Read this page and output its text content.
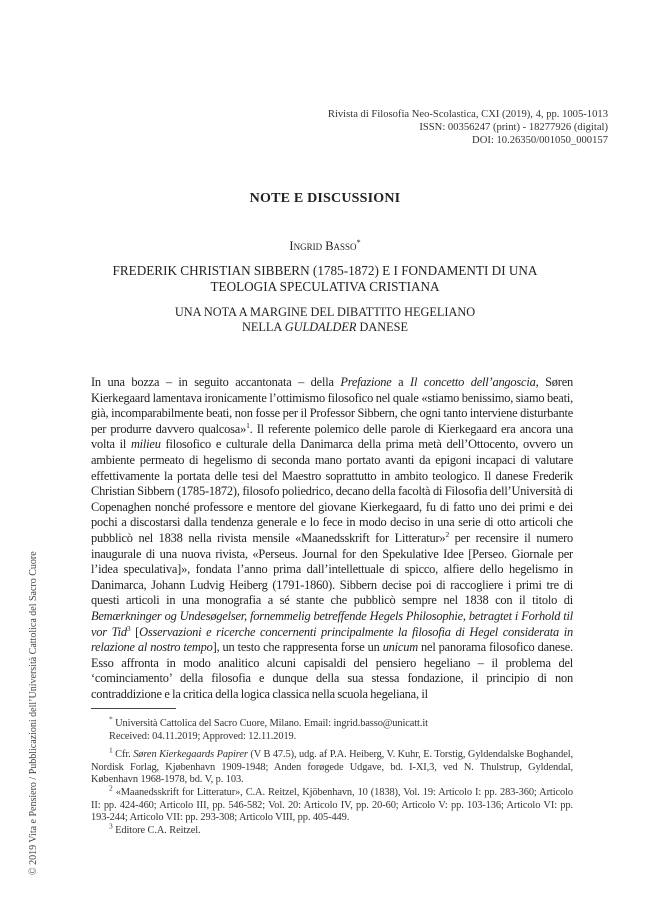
Rivista di Filosofia Neo-Scolastica, CXI (2019), 4, pp. 1005-1013
ISSN: 00356247 (print) - 18277926 (digital)
DOI: 10.26350/001050_000157
NOTE E DISCUSSIONI
Ingrid Basso*
FREDERIK CHRISTIAN SIBBERN (1785-1872) E I FONDAMENTI DI UNA TEOLOGIA SPECULATIVA CRISTIANA
UNA NOTA A MARGINE DEL DIBATTITO HEGELIANO
NELLA GULDALDER DANESE
In una bozza – in seguito accantonata – della Prefazione a Il concetto dell’angoscia, Søren Kierkegaard lamentava ironicamente l’ottimismo filosofico nel quale «stiamo benissimo, siamo beati, già, incomparabilmente beati, non fosse per il Professor Sibbern, che ogni tanto interviene disturbante per produrre davvero qualcosa»$^1$. Il referente polemico delle parole di Kierkegaard era ancora una volta il milieu filosofico e culturale della Danimarca della prima metà dell’Ottocento, ovvero un ambiente permeato di hegelismo di seconda mano portato avanti da epigoni incapaci di valutare effettivamente la portata delle tesi del Maestro soprattutto in ambito teologico. Il danese Frederik Christian Sibbern (1785-1872), filosofo poliedrico, decano della facoltà di Filosofia dell’Università di Copenaghen nonché professore e mentore del giovane Kierkegaard, fu di fatto uno dei primi e dei pochi a discostarsi dalla tendenza generale e lo fece in modo deciso in una serie di otto articoli che pubblicò nel 1838 nella rivista mensile «Maanedsskrift for Litteratur»$^2$ per recensire il numero inaugurale di una nuova rivista, «Perseus. Journal for den Spekulative Idee [Perseo. Giornale per l’idea speculativa]», fondata l’anno prima dall’intellettuale di spicco, alfiere dello hegelismo in Danimarca, Johann Ludvig Heiberg (1791-1860). Sibbern decise poi di raccogliere i primi tre di questi articoli in una monografia a sé stante che pubblicò sempre nel 1838 con il titolo di Bemærkninger og Undesøgelser, fornemmelig betreffende Hegels Philosophie, betragtet i Forhold til vor Tid$^3$ [Osservazioni e ricerche concernenti principalmente la filosofia di Hegel considerata in relazione al nostro tempo], un testo che rappresenta forse un unicum nel panorama filosofico danese. Esso affronta in modo analitico alcuni capisaldi del pensiero hegeliano – il problema del ‘cominciamento’ della filosofia e dunque della sua stessa fondazione, il principio di non contraddizione e la critica della logica classica nella scuola hegeliana, il

* Università Cattolica del Sacro Cuore, Milano. Email: ingrid.basso@unicatt.it

Received: 04.11.2019; Approved: 12.11.2019.

$^1$ Cfr. Søren Kierkegaards Papirer (V B 47.5), udg. af P.A. Heiberg, V. Kuhr, E. Torstig, Gyldendalske Boghandel, Nordisk Forlag, Kjøbenhavn 1909-1948; Anden forøgede Udgave, bd. I-XI,3, ved N. Thulstrup, Gyldendal, København 1968-1978, bd. V, p. 103.

$^2$ «Maanedsskrift for Litteratur», C.A. Reitzel, Kjöbenhavn, 10 (1838), Vol. 19: Articolo I: pp. 283-360; Articolo II: pp. 424-460; Articolo III, pp. 546-582; Vol. 20: Articolo IV, pp. 20-60; Articolo V: pp. 103-136; Articolo VI: pp. 193-244; Articolo VII: pp. 293-308; Articolo VIII, pp. 405-449.

$^3$ Editore C.A. Reitzel.

© 2019 Vita e Pensiero / Pubblicazioni dell’Università Cattolica del Sacro Cuore
